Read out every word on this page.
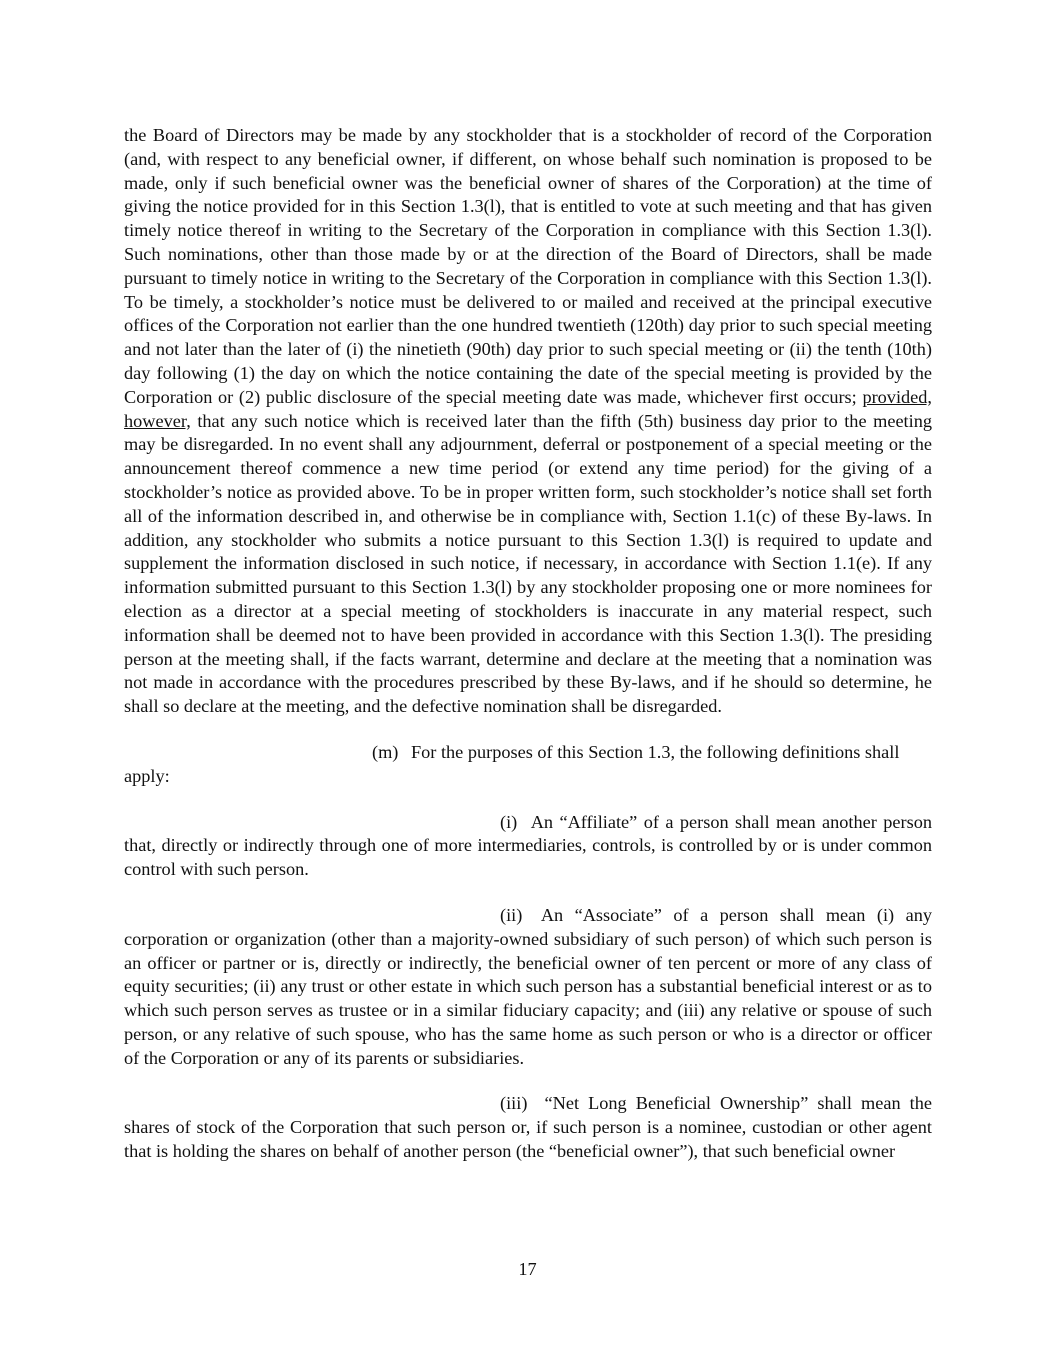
the Board of Directors may be made by any stockholder that is a stockholder of record of the Corporation (and, with respect to any beneficial owner, if different, on whose behalf such nomination is proposed to be made, only if such beneficial owner was the beneficial owner of shares of the Corporation) at the time of giving the notice provided for in this Section 1.3(l), that is entitled to vote at such meeting and that has given timely notice thereof in writing to the Secretary of the Corporation in compliance with this Section 1.3(l). Such nominations, other than those made by or at the direction of the Board of Directors, shall be made pursuant to timely notice in writing to the Secretary of the Corporation in compliance with this Section 1.3(l). To be timely, a stockholder’s notice must be delivered to or mailed and received at the principal executive offices of the Corporation not earlier than the one hundred twentieth (120th) day prior to such special meeting and not later than the later of (i) the ninetieth (90th) day prior to such special meeting or (ii) the tenth (10th) day following (1) the day on which the notice containing the date of the special meeting is provided by the Corporation or (2) public disclosure of the special meeting date was made, whichever first occurs; provided, however, that any such notice which is received later than the fifth (5th) business day prior to the meeting may be disregarded. In no event shall any adjournment, deferral or postponement of a special meeting or the announcement thereof commence a new time period (or extend any time period) for the giving of a stockholder’s notice as provided above. To be in proper written form, such stockholder’s notice shall set forth all of the information described in, and otherwise be in compliance with, Section 1.1(c) of these By-laws. In addition, any stockholder who submits a notice pursuant to this Section 1.3(l) is required to update and supplement the information disclosed in such notice, if necessary, in accordance with Section 1.1(e). If any information submitted pursuant to this Section 1.3(l) by any stockholder proposing one or more nominees for election as a director at a special meeting of stockholders is inaccurate in any material respect, such information shall be deemed not to have been provided in accordance with this Section 1.3(l). The presiding person at the meeting shall, if the facts warrant, determine and declare at the meeting that a nomination was not made in accordance with the procedures prescribed by these By-laws, and if he should so determine, he shall so declare at the meeting, and the defective nomination shall be disregarded.

(m) For the purposes of this Section 1.3, the following definitions shall apply:

(i) An “Affiliate” of a person shall mean another person that, directly or indirectly through one of more intermediaries, controls, is controlled by or is under common control with such person.

(ii) An “Associate” of a person shall mean (i) any corporation or organization (other than a majority-owned subsidiary of such person) of which such person is an officer or partner or is, directly or indirectly, the beneficial owner of ten percent or more of any class of equity securities; (ii) any trust or other estate in which such person has a substantial beneficial interest or as to which such person serves as trustee or in a similar fiduciary capacity; and (iii) any relative or spouse of such person, or any relative of such spouse, who has the same home as such person or who is a director or officer of the Corporation or any of its parents or subsidiaries.

(iii) “Net Long Beneficial Ownership” shall mean the shares of stock of the Corporation that such person or, if such person is a nominee, custodian or other agent that is holding the shares on behalf of another person (the “beneficial owner”), that such beneficial owner

17
